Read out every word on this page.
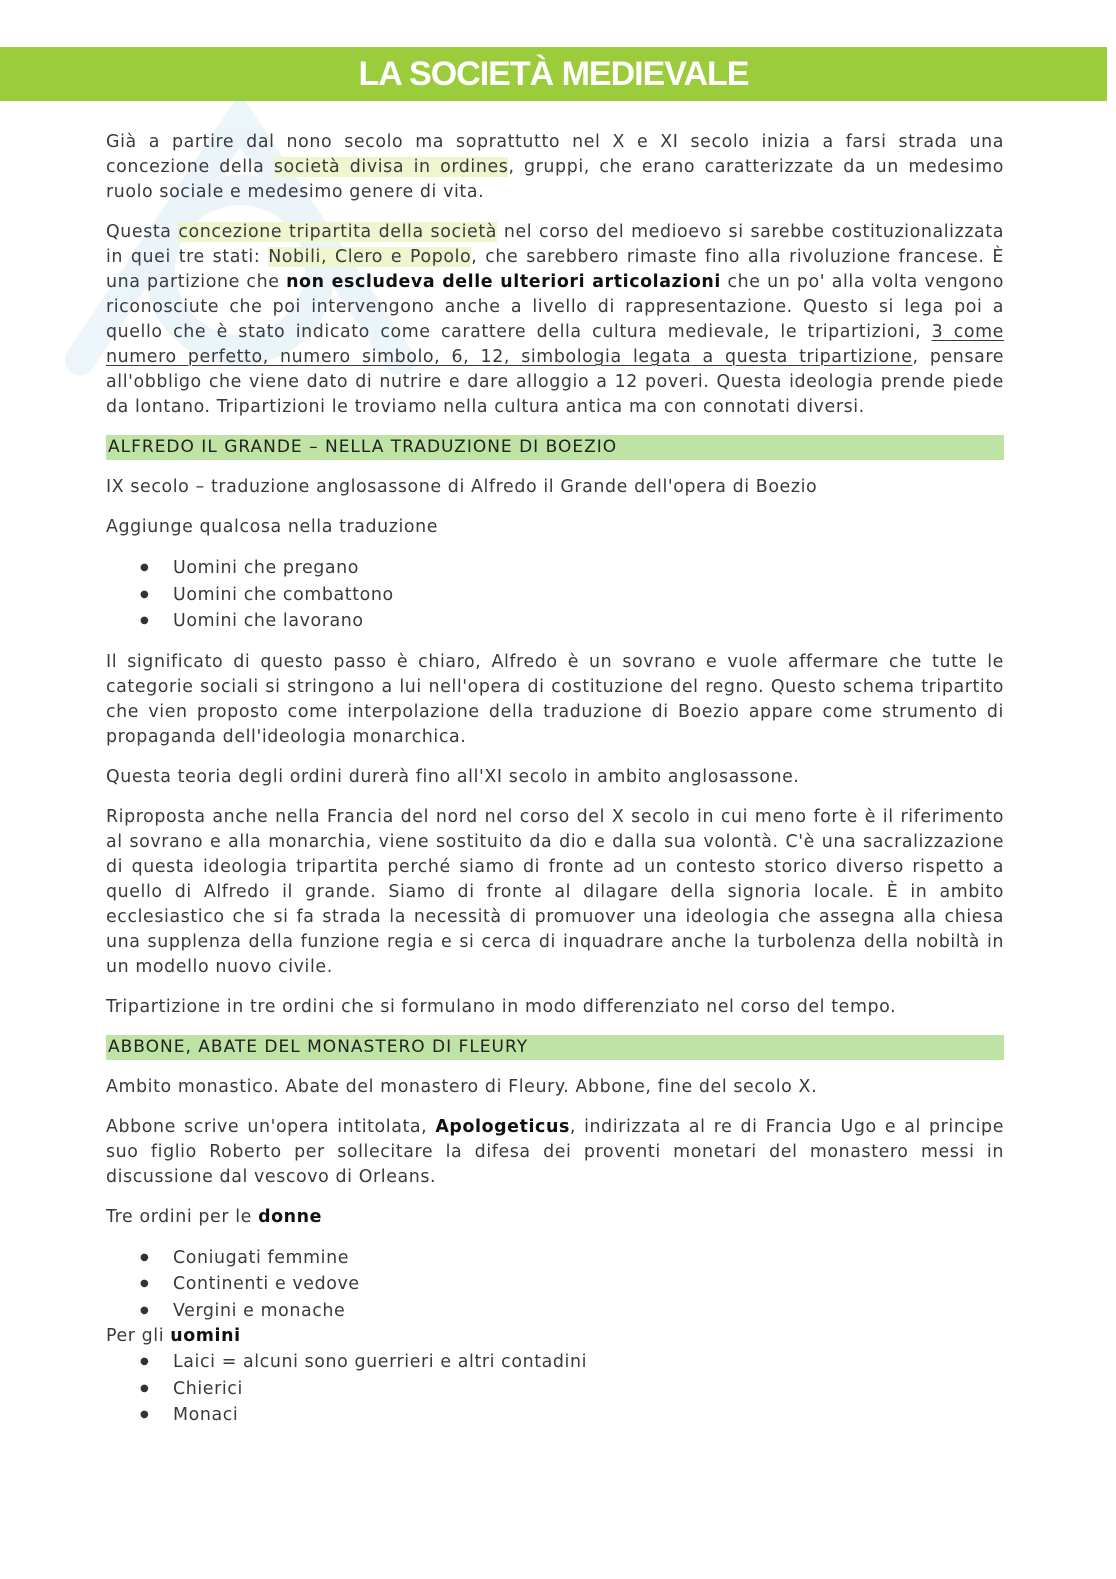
LA SOCIETÀ MEDIEVALE

Già a partire dal nono secolo ma soprattutto nel X e XI secolo inizia a farsi strada una concezione della società divisa in ordines, gruppi, che erano caratterizzate da un medesimo ruolo sociale e medesimo genere di vita.

Questa concezione tripartita della società nel corso del medioevo si sarebbe costituzionalizzata in quei tre stati: Nobili, Clero e Popolo, che sarebbero rimaste fino alla rivoluzione francese. È una partizione che non escludeva delle ulteriori articolazioni che un po' alla volta vengono riconosciute che poi intervengono anche a livello di rappresentazione. Questo si lega poi a quello che è stato indicato come carattere della cultura medievale, le tripartizioni, 3 come numero perfetto, numero simbolo, 6, 12, simbologia legata a questa tripartizione, pensare all'obbligo che viene dato di nutrire e dare alloggio a 12 poveri. Questa ideologia prende piede da lontano. Tripartizioni le troviamo nella cultura antica ma con connotati diversi.

ALFREDO IL GRANDE – NELLA TRADUZIONE DI BOEZIO

IX secolo – traduzione anglosassone di Alfredo il Grande dell'opera di Boezio

Aggiunge qualcosa nella traduzione

● Uomini che pregano
● Uomini che combattono
● Uomini che lavorano

Il significato di questo passo è chiaro, Alfredo è un sovrano e vuole affermare che tutte le categorie sociali si stringono a lui nell'opera di costituzione del regno. Questo schema tripartito che vien proposto come interpolazione della traduzione di Boezio appare come strumento di propaganda dell'ideologia monarchica.

Questa teoria degli ordini durerà fino all'XI secolo in ambito anglosassone.

Riproposta anche nella Francia del nord nel corso del X secolo in cui meno forte è il riferimento al sovrano e alla monarchia, viene sostituito da dio e dalla sua volontà. C'è una sacralizzazione di questa ideologia tripartita perché siamo di fronte ad un contesto storico diverso rispetto a quello di Alfredo il grande. Siamo di fronte al dilagare della signoria locale. È in ambito ecclesiastico che si fa strada la necessità di promuover una ideologia che assegna alla chiesa una supplenza della funzione regia e si cerca di inquadrare anche la turbolenza della nobiltà in un modello nuovo civile.

Tripartizione in tre ordini che si formulano in modo differenziato nel corso del tempo.

ABBONE, ABATE DEL MONASTERO DI FLEURY

Ambito monastico. Abate del monastero di Fleury. Abbone, fine del secolo X.

Abbone scrive un'opera intitolata, Apologeticus, indirizzata al re di Francia Ugo e al principe suo figlio Roberto per sollecitare la difesa dei proventi monetari del monastero messi in discussione dal vescovo di Orleans.

Tre ordini per le donne

● Coniugati femmine
● Continenti e vedove
● Vergini e monache

Per gli uomini

● Laici = alcuni sono guerrieri e altri contadini
● Chierici
● Monaci
